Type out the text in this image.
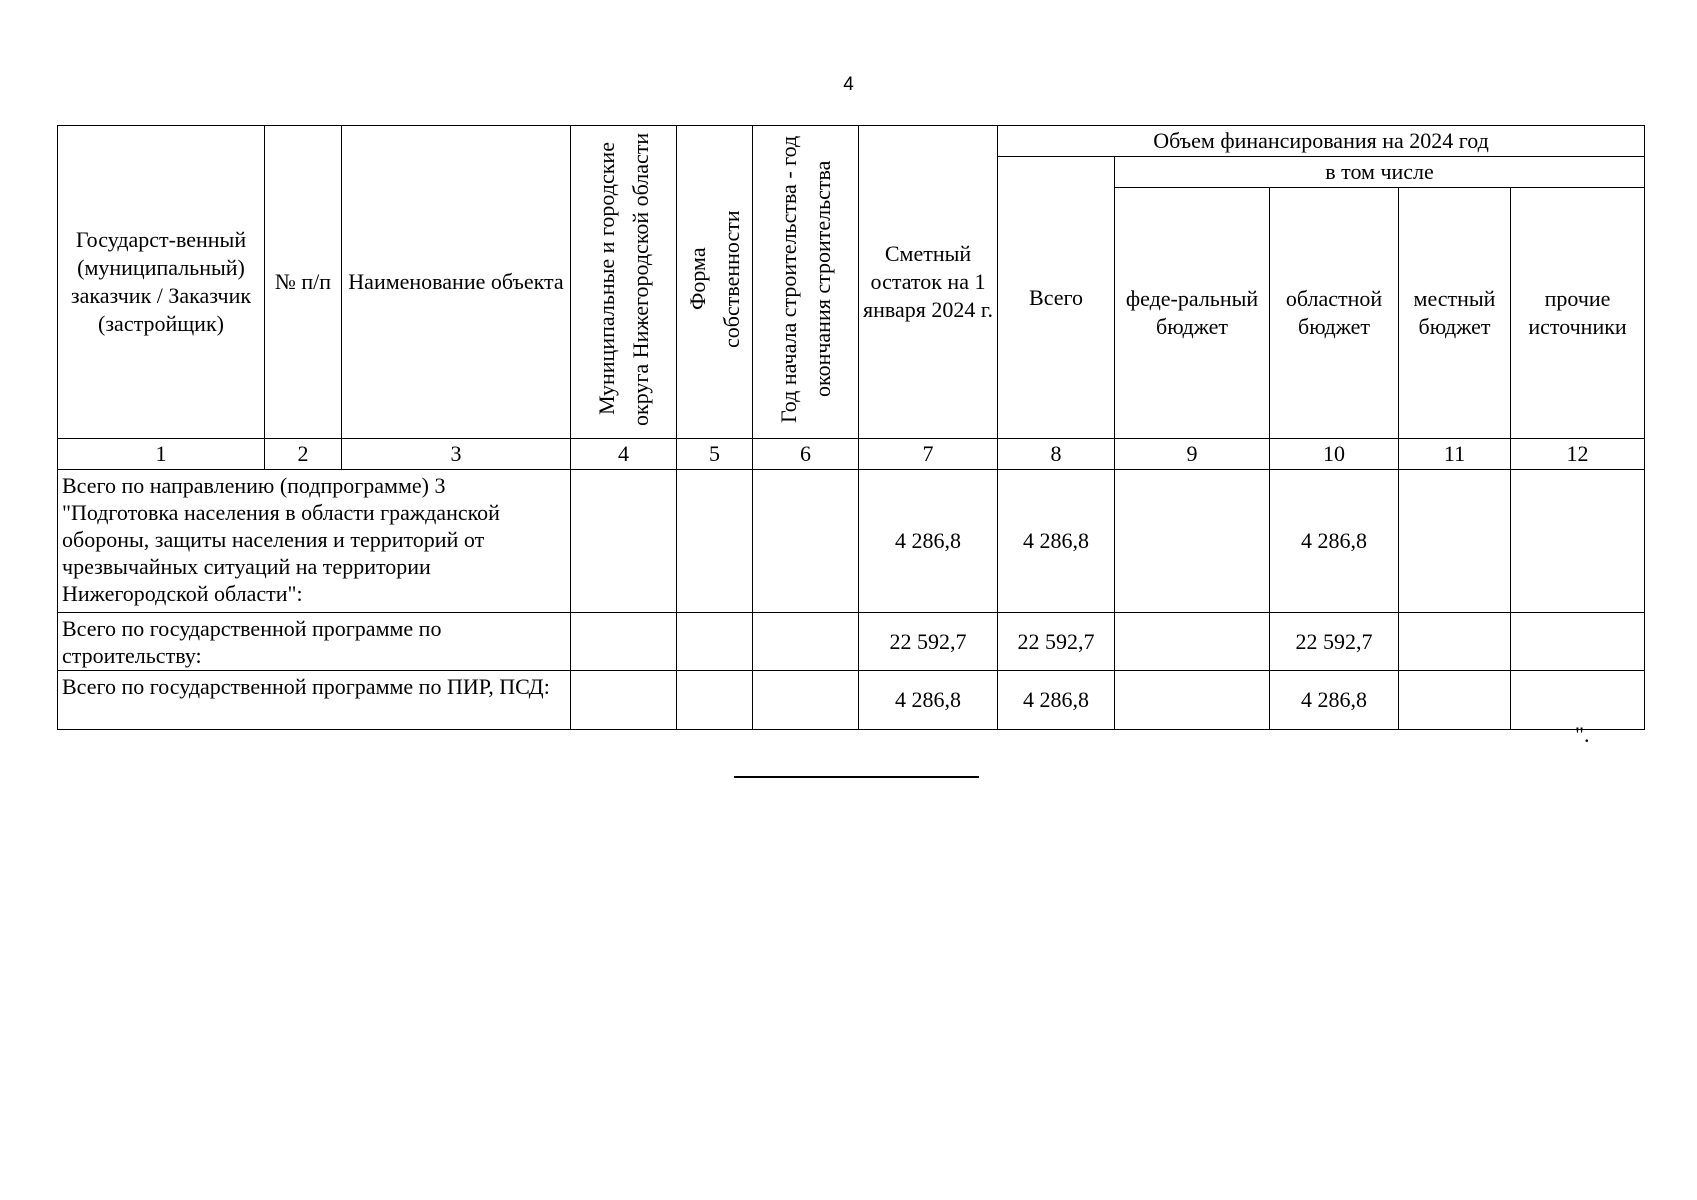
4
Государст-венный (муниципальный) заказчик / Заказчик (застройщик)	№ п/п	Наименование объекта	Муниципальные и городские округа Нижегородской области	Форма собственности	Год начала строительства - год окончания строительства	Сметный остаток на 1 января 2024 г.	Объем финансирования на 2024 год				
							Всего	в том числе			
								феде-ральный бюджет	областной бюджет	местный бюджет	прочие источники
1	2	3	4	5	6	7	8	9	10	11	12
Всего по направлению (подпрограмме) 3 "Подготовка населения в области гражданской обороны, защиты населения и территорий от чрезвычайных ситуаций на территории Нижегородской области":						4 286,8	4 286,8		4 286,8		
Всего по государственной программе по строительству:						22 592,7	22 592,7		22 592,7		
Всего по государственной программе по ПИР, ПСД:						4 286,8	4 286,8		4 286,8		
".
